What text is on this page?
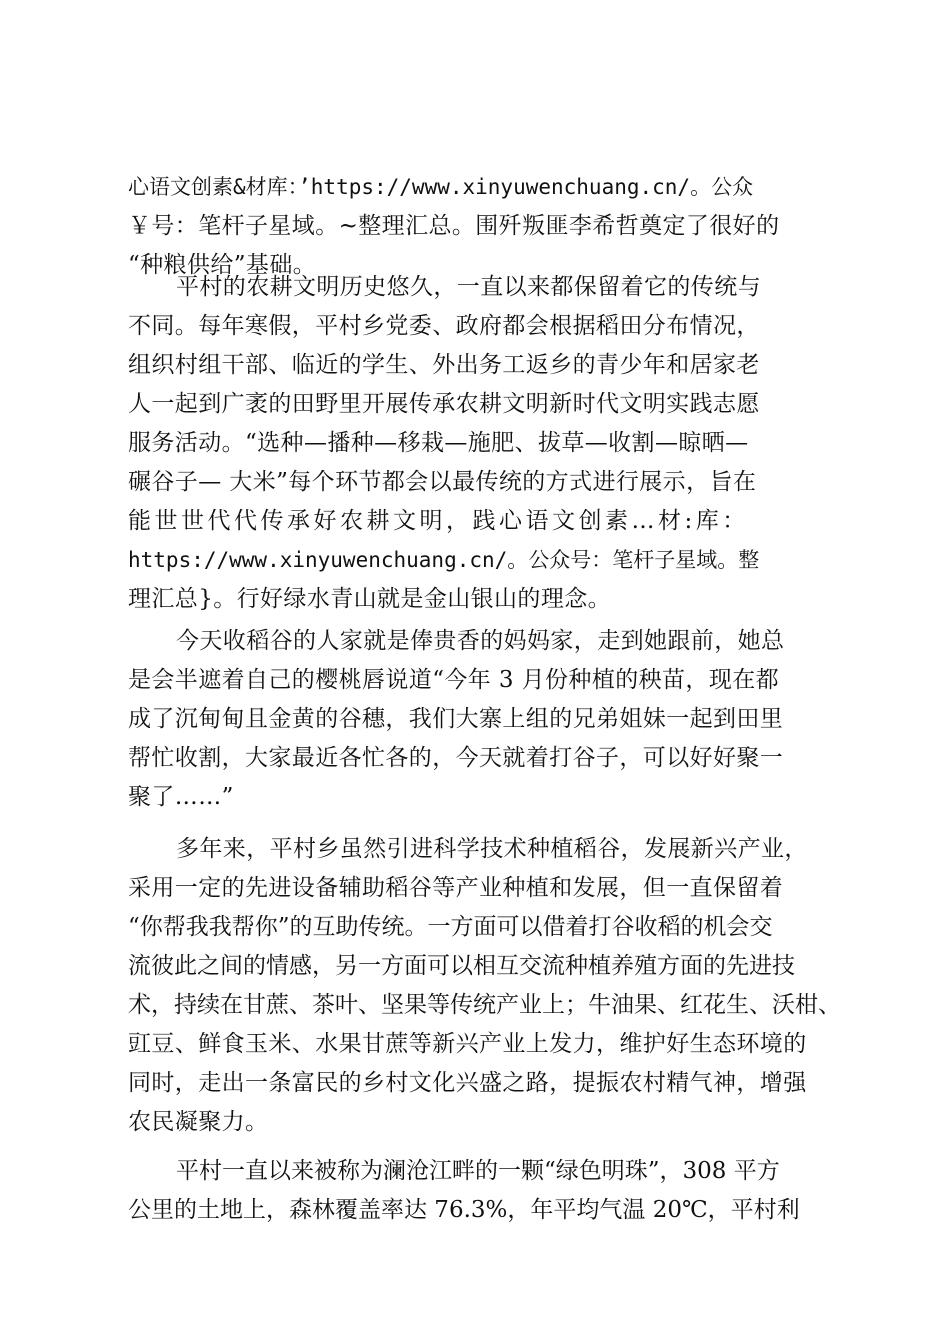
心语文创素&材库：’https://www.xinyuwenchuang.cn/。公众
￥号：笔杆子星域。~整理汇总。围歼叛匪李希哲奠定了很好的
“种粮供给”基础。
平村的农耕文明历史悠久，一直以来都保留着它的传统与
不同。每年寒假，平村乡党委、政府都会根据稻田分布情况，
组织村组干部、临近的学生、外出务工返乡的青少年和居家老
人一起到广袤的田野里开展传承农耕文明新时代文明实践志愿
服务活动。“选种—播种—移栽—施肥、拔草—收割—晾晒—
碾谷子— 大米”每个环节都会以最传统的方式进行展示，旨在
能世世代代传承好农耕文明，践心语文创素…材:库：
https://www.xinyuwenchuang.cn/。公众号：笔杆子星域。整
理汇总}。行好绿水青山就是金山银山的理念。
今天收稻谷的人家就是俸贵香的妈妈家，走到她跟前，她总
是会半遮着自己的樱桃唇说道“今年 3 月份种植的秧苗，现在都
成了沉甸甸且金黄的谷穗，我们大寨上组的兄弟姐妹一起到田里
帮忙收割，大家最近各忙各的，今天就着打谷子，可以好好聚一
聚了……”
多年来，平村乡虽然引进科学技术种植稻谷，发展新兴产业，
采用一定的先进设备辅助稻谷等产业种植和发展，但一直保留着
“你帮我我帮你”的互助传统。一方面可以借着打谷收稻的机会交
流彼此之间的情感，另一方面可以相互交流种植养殖方面的先进技
术，持续在甘蔗、茶叶、坚果等传统产业上；牛油果、红花生、沃柑、
豇豆、鲜食玉米、水果甘蔗等新兴产业上发力，维护好生态环境的
同时，走出一条富民的乡村文化兴盛之路，提振农村精气神，增强
农民凝聚力。
平村一直以来被称为澜沧江畔的一颗“绿色明珠”，308 平方
公里的土地上，森林覆盖率达 76.3%，年平均气温 20℃，平村利
